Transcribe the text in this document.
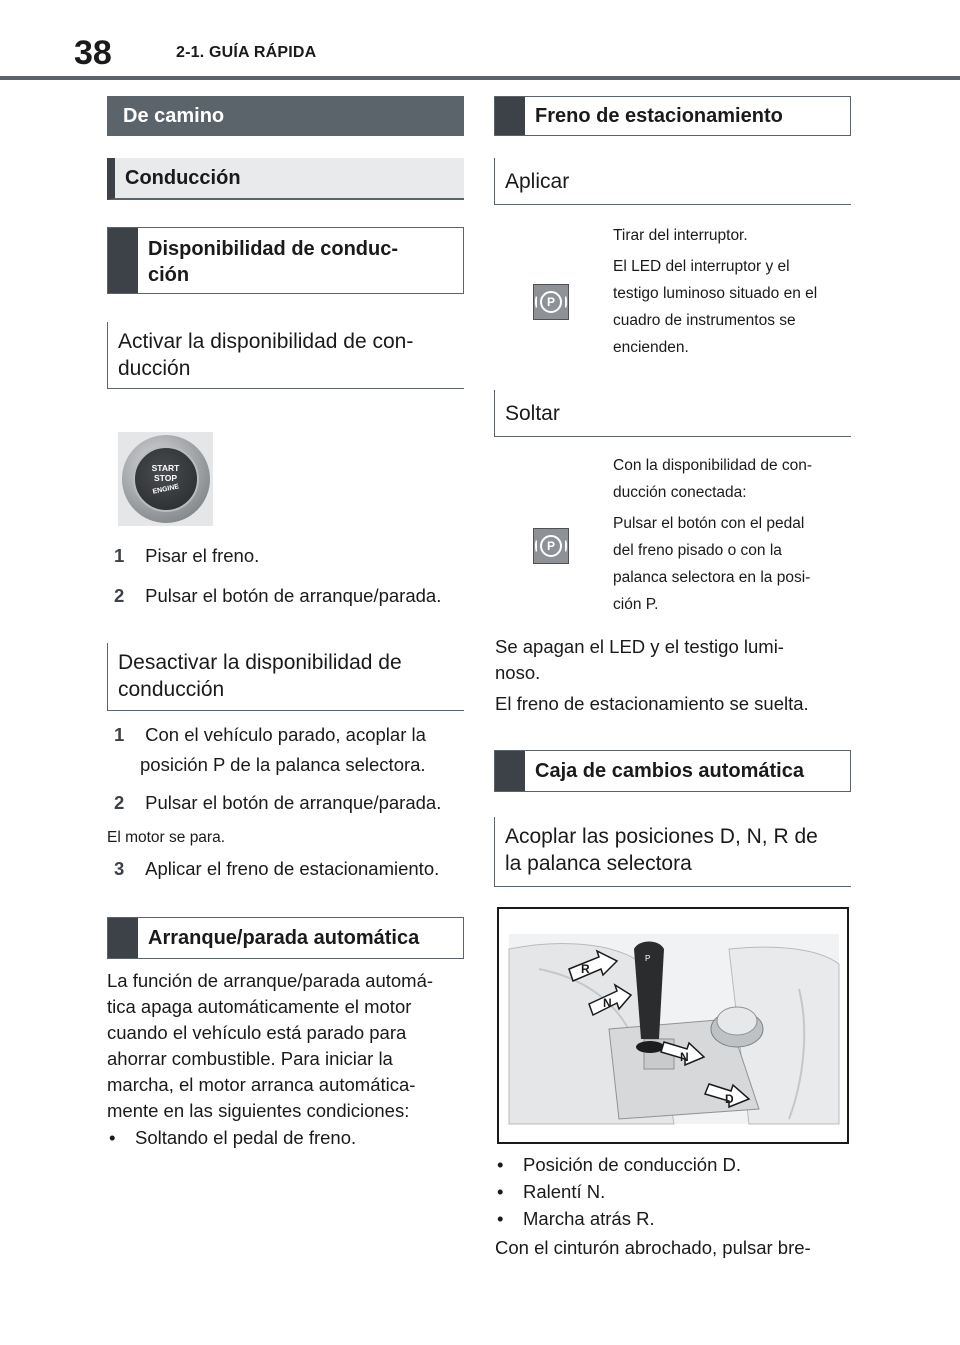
38	2-1. GUÍA RÁPIDA
De camino
Conducción
Disponibilidad de conduc-
ción
Activar la disponibilidad de con-
ducción
START
STOP
ENGINE
1 Pisar el freno.
2 Pulsar el botón de arranque/parada.
Desactivar la disponibilidad de
conducción
1 Con el vehículo parado, acoplar la
posición P de la palanca selectora.
2 Pulsar el botón de arranque/parada.
El motor se para.
3 Aplicar el freno de estacionamiento.
Arranque/parada automática
La función de arranque/parada automá-
tica apaga automáticamente el motor
cuando el vehículo está parado para
ahorrar combustible. Para iniciar la
marcha, el motor arranca automática-
mente en las siguientes condiciones:
• Soltando el pedal de freno.
Freno de estacionamiento
Aplicar
P
Tirar del interruptor.
El LED del interruptor y el
testigo luminoso situado en el
cuadro de instrumentos se
encienden.
Soltar
P
Con la disponibilidad de con-
ducción conectada:
Pulsar el botón con el pedal
del freno pisado o con la
palanca selectora en la posi-
ción P.
Se apagan el LED y el testigo lumi-
noso.
El freno de estacionamiento se suelta.
Caja de cambios automática
Acoplar las posiciones D, N, R de
la palanca selectora
R
N
N
D
P
• Posición de conducción D.
• Ralentí N.
• Marcha atrás R.
Con el cinturón abrochado, pulsar bre-
